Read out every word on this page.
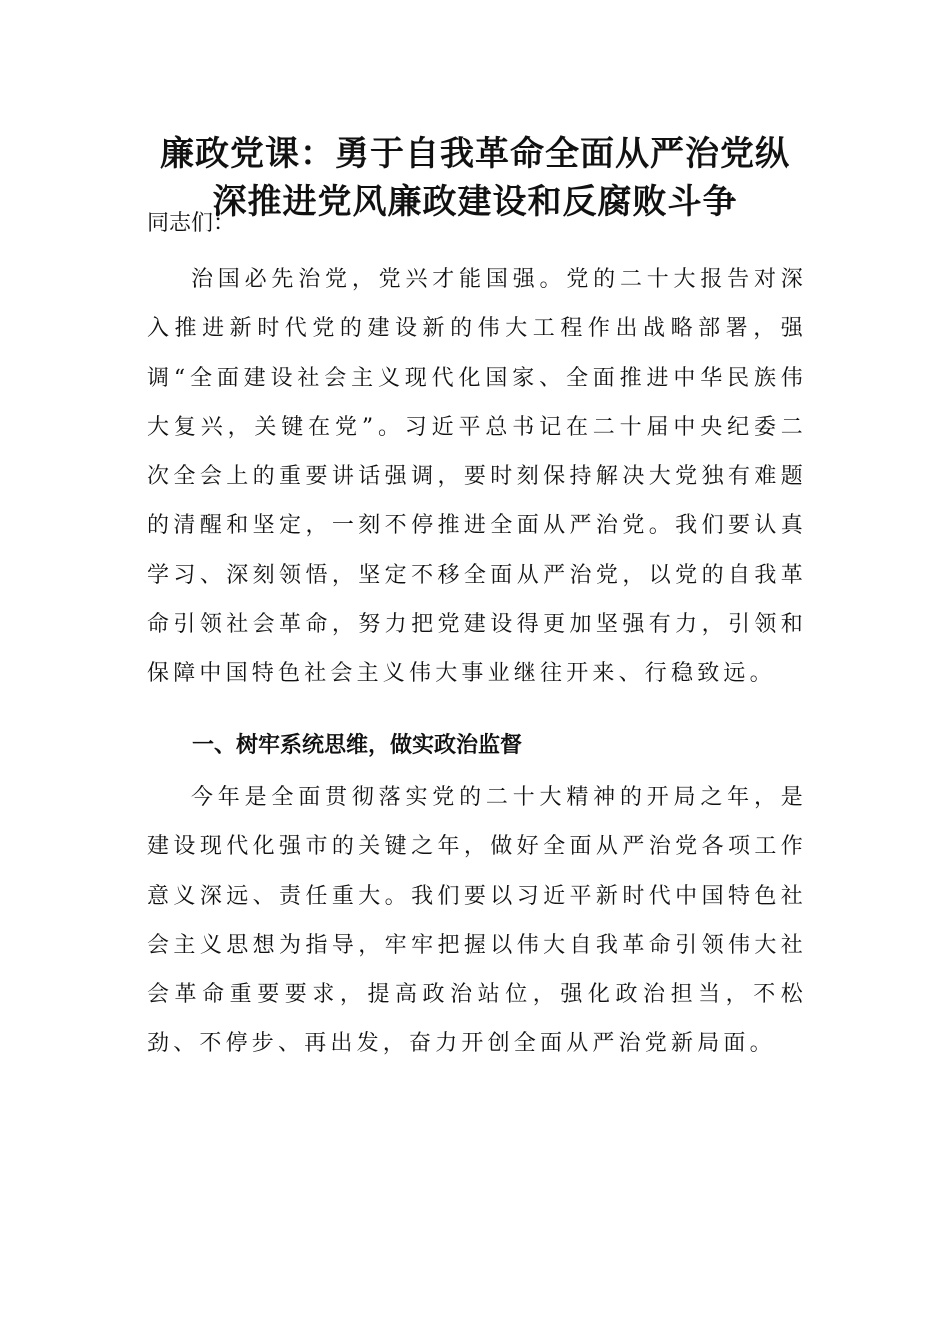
廉政党课：勇于自我革命全面从严治党纵
深推进党风廉政建设和反腐败斗争
同志们：

治国必先治党，党兴才能国强。党的二十大报告对深入推进新时代党的建设新的伟大工程作出战略部署，强调“全面建设社会主义现代化国家、全面推进中华民族伟大复兴，关键在党”。习近平总书记在二十届中央纪委二次全会上的重要讲话强调，要时刻保持解决大党独有难题的清醒和坚定，一刻不停推进全面从严治党。我们要认真学习、深刻领悟，坚定不移全面从严治党，以党的自我革命引领社会革命，努力把党建设得更加坚强有力，引领和保障中国特色社会主义伟大事业继往开来、行稳致远。

一、树牢系统思维，做实政治监督

今年是全面贯彻落实党的二十大精神的开局之年，是建设现代化强市的关键之年，做好全面从严治党各项工作意义深远、责任重大。我们要以习近平新时代中国特色社会主义思想为指导，牢牢把握以伟大自我革命引领伟大社会革命重要要求，提高政治站位，强化政治担当，不松劲、不停步、再出发，奋力开创全面从严治党新局面。
